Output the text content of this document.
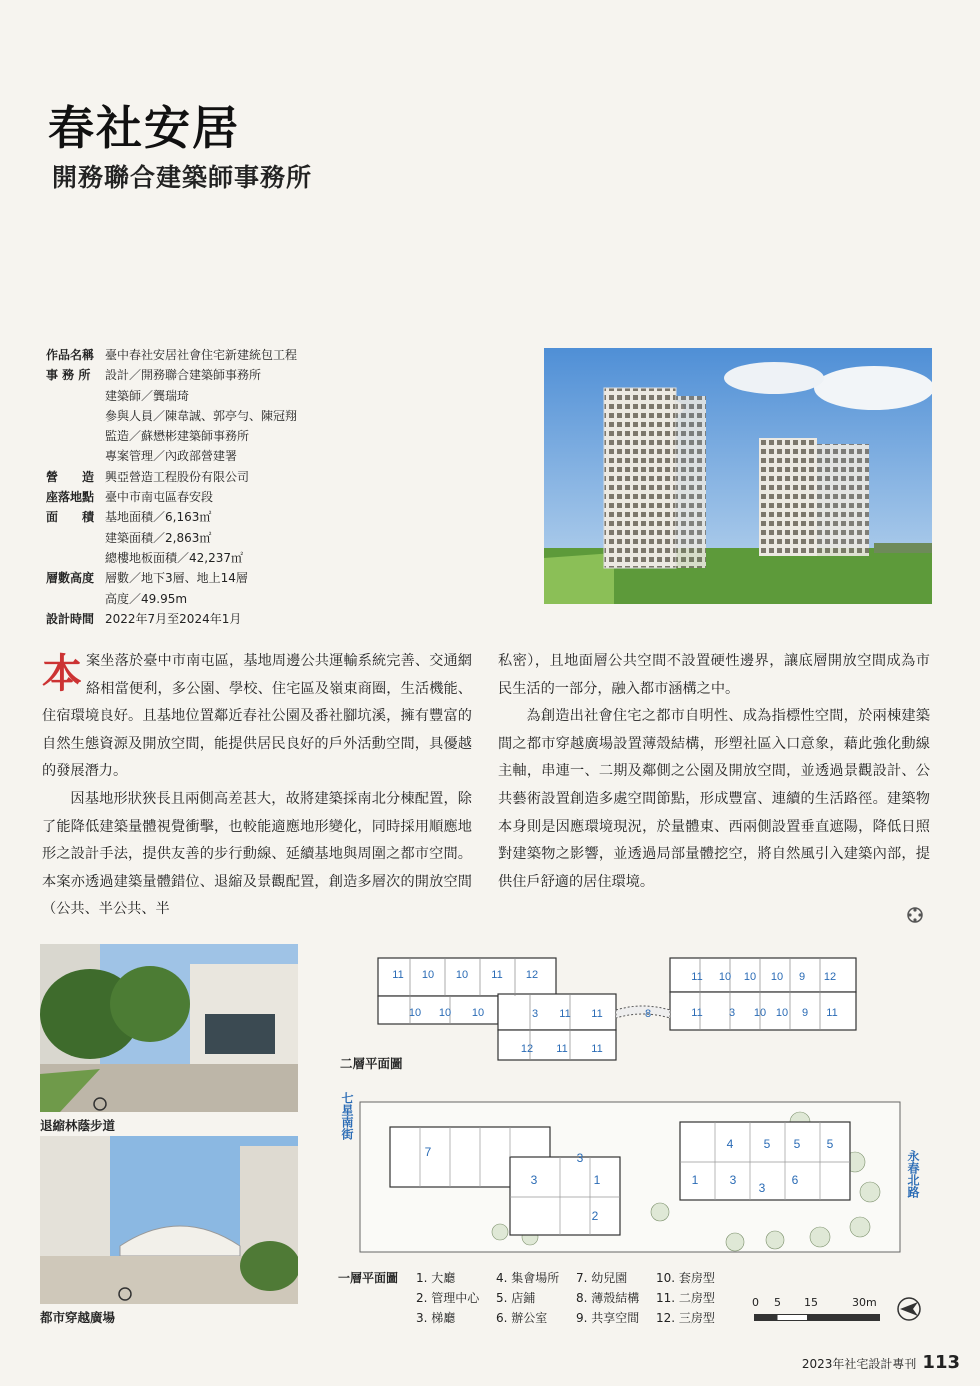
春社安居
開務聯合建築師事務所
作品名稱 臺中春社安居社會住宅新建統包工程
事 務 所	設計／開務聯合建築師事務所
建築師／龔瑞琦
參與人員／陳韋誠、郭亭勻、陳冠翔
監造／蘇懋彬建築師事務所
專案管理／內政部營建署
營　　造 興亞營造工程股份有限公司
座落地點 臺中市南屯區春安段
面　　積 基地面積／6,163㎡
建築面積／2,863㎡
總樓地板面積／42,237㎡
層數高度 層數／地下3層、地上14層
高度／49.95m
設計時間 2022年7月至2024年1月

本案坐落於臺中市南屯區，基地周邊公共運輸系統完善、交通網絡相當便利，多公園、學校、住宅區及嶺東商圈，生活機能、住宿環境良好。且基地位置鄰近春社公園及番社腳坑溪，擁有豐富的自然生態資源及開放空間，能提供居民良好的戶外活動空間，具優越的發展潛力。

因基地形狀狹長且兩側高差甚大，故將建築採南北分棟配置，除了能降低建築量體視覺衝擊，也較能適應地形變化，同時採用順應地形之設計手法，提供友善的步行動線、延續基地與周圍之都市空間。本案亦透過建築量體錯位、退縮及景觀配置，創造多層次的開放空間（公共、半公共、半

私密），且地面層公共空間不設置硬性邊界，讓底層開放空間成為市民生活的一部分，融入都市涵構之中。

為創造出社會住宅之都市自明性、成為指標性空間，於兩棟建築間之都市穿越廣場設置薄殼結構，形塑社區入口意象，藉此強化動線主軸，串連一、二期及鄰側之公園及開放空間，並透過景觀設計、公共藝術設置創造多處空間節點，形成豐富、連續的生活路徑。建築物本身則是因應環境現況，於量體東、西兩側設置垂直遮陽，降低日照對建築物之影響，並透過局部量體挖空，將自然風引入建築內部，提供住戶舒適的居住環境。

退縮林蔭步道
都市穿越廣場
11 10 10 11 12
10 10 10	3 11 11
12 11 11
8
11 10 10 10 9 12
11 3 10 10 9 11
二層平面圖
七星南街
永春北路
7
3
3
1
2
4	5 5 5
1	3	6
3
一層平面圖	1. 大廳	4. 集會場所	7. 幼兒園	10. 套房型
2. 管理中心	5. 店鋪	8. 薄殼結構	11. 二房型
3. 梯廳	6. 辦公室	9. 共享空間	12. 三房型
0 5 15	30m
2023年社宅設計專刊 113
